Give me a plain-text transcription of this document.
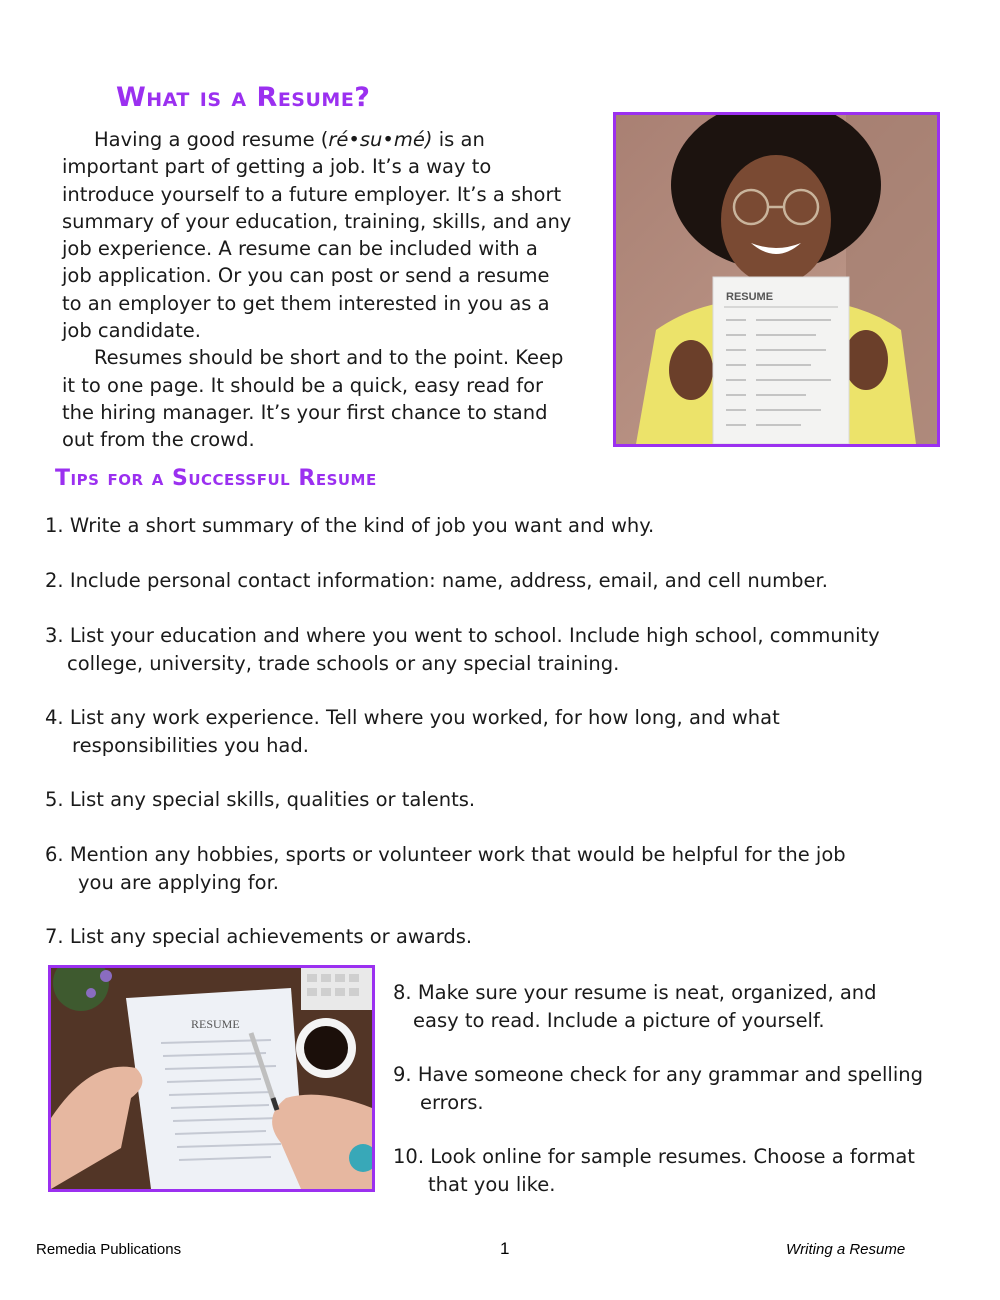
What is a Resume?

Having a good resume (ré•su•mé) is an important part of getting a job. It’s a way to introduce yourself to a future employer. It’s a short summary of your education, training, skills, and any job experience. A resume can be included with a job application. Or you can post or send a resume to an employer to get them interested in you as a job candidate.

Resumes should be short and to the point. Keep it to one page. It should be a quick, easy read for the hiring manager. It’s your first chance to stand out from the crowd.

RESUME
Tips for a Successful Resume
1. Write a short summary of the kind of job you want and why.
2. Include personal contact information: name, address, email, and cell number.
3. List your education and where you went to school. Include high school, community
college, university, trade schools or any special training.
4. List any work experience. Tell where you worked, for how long, and what
responsibilities you had.
5. List any special skills, qualities or talents.
6. Mention any hobbies, sports or volunteer work that would be helpful for the job
you are applying for.
7. List any special achievements or awards.
8. Make sure your resume is neat, organized, and
easy to read. Include a picture of yourself.
9. Have someone check for any grammar and spelling
errors.
10. Look online for sample resumes. Choose a format
that you like.
RESUME
Remedia Publications	1	Writing a Resume
